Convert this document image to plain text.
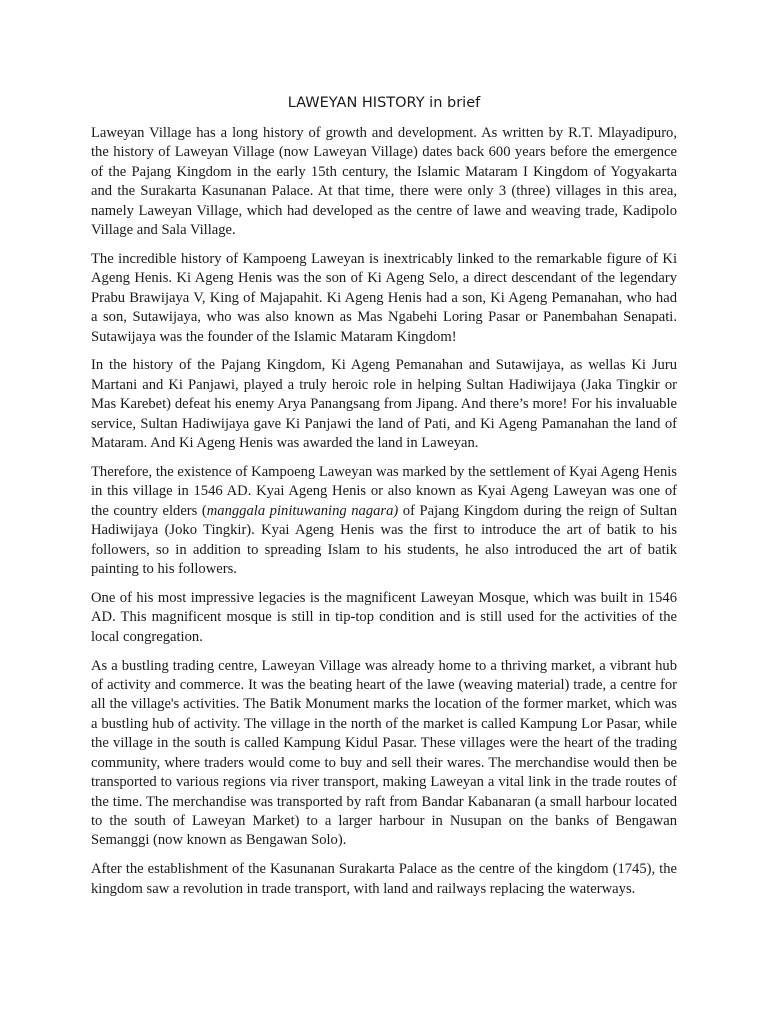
LAWEYAN HISTORY in brief

Laweyan Village has a long history of growth and development. As written by R.T. Mlayadipuro, the history of Laweyan Village (now Laweyan Village) dates back 600 years before the emergence of the Pajang Kingdom in the early 15th century, the Islamic Mataram I Kingdom of Yogyakarta and the Surakarta Kasunanan Palace. At that time, there were only 3 (three) villages in this area, namely Laweyan Village, which had developed as the centre of lawe and weaving trade, Kadipolo Village and Sala Village.

The incredible history of Kampoeng Laweyan is inextricably linked to the remarkable figure of Ki Ageng Henis. Ki Ageng Henis was the son of Ki Ageng Selo, a direct descendant of the legendary Prabu Brawijaya V, King of Majapahit. Ki Ageng Henis had a son, Ki Ageng Pemanahan, who had a son, Sutawijaya, who was also known as Mas Ngabehi Loring Pasar or Panembahan Senapati. Sutawijaya was the founder of the Islamic Mataram Kingdom!

In the history of the Pajang Kingdom, Ki Ageng Pemanahan and Sutawijaya, as wellas Ki Juru Martani and Ki Panjawi, played a truly heroic role in helping Sultan Hadiwijaya (Jaka Tingkir or Mas Karebet) defeat his enemy Arya Panangsang from Jipang. And there’s more! For his invaluable service, Sultan Hadiwijaya gave Ki Panjawi the land of Pati, and Ki Ageng Pamanahan the land of Mataram. And Ki Ageng Henis was awarded the land in Laweyan.

Therefore, the existence of Kampoeng Laweyan was marked by the settlement of Kyai Ageng Henis in this village in 1546 AD. Kyai Ageng Henis or also known as Kyai Ageng Laweyan was one of the country elders (manggala pinituwaning nagara) of Pajang Kingdom during the reign of Sultan Hadiwijaya (Joko Tingkir). Kyai Ageng Henis was the first to introduce the art of batik to his followers, so in addition to spreading Islam to his students, he also introduced the art of batik painting to his followers.

One of his most impressive legacies is the magnificent Laweyan Mosque, which was built in 1546 AD. This magnificent mosque is still in tip-top condition and is still used for the activities of the local congregation.

As a bustling trading centre, Laweyan Village was already home to a thriving market, a vibrant hub of activity and commerce. It was the beating heart of the lawe (weaving material) trade, a centre for all the village's activities. The Batik Monument marks the location of the former market, which was a bustling hub of activity. The village in the north of the market is called Kampung Lor Pasar, while the village in the south is called Kampung Kidul Pasar. These villages were the heart of the trading community, where traders would come to buy and sell their wares. The merchandise would then be transported to various regions via river transport, making Laweyan a vital link in the trade routes of the time. The merchandise was transported by raft from Bandar Kabanaran (a small harbour located to the south of Laweyan Market) to a larger harbour in Nusupan on the banks of Bengawan Semanggi (now known as Bengawan Solo).

After the establishment of the Kasunanan Surakarta Palace as the centre of the kingdom (1745), the kingdom saw a revolution in trade transport, with land and railways replacing the waterways.
